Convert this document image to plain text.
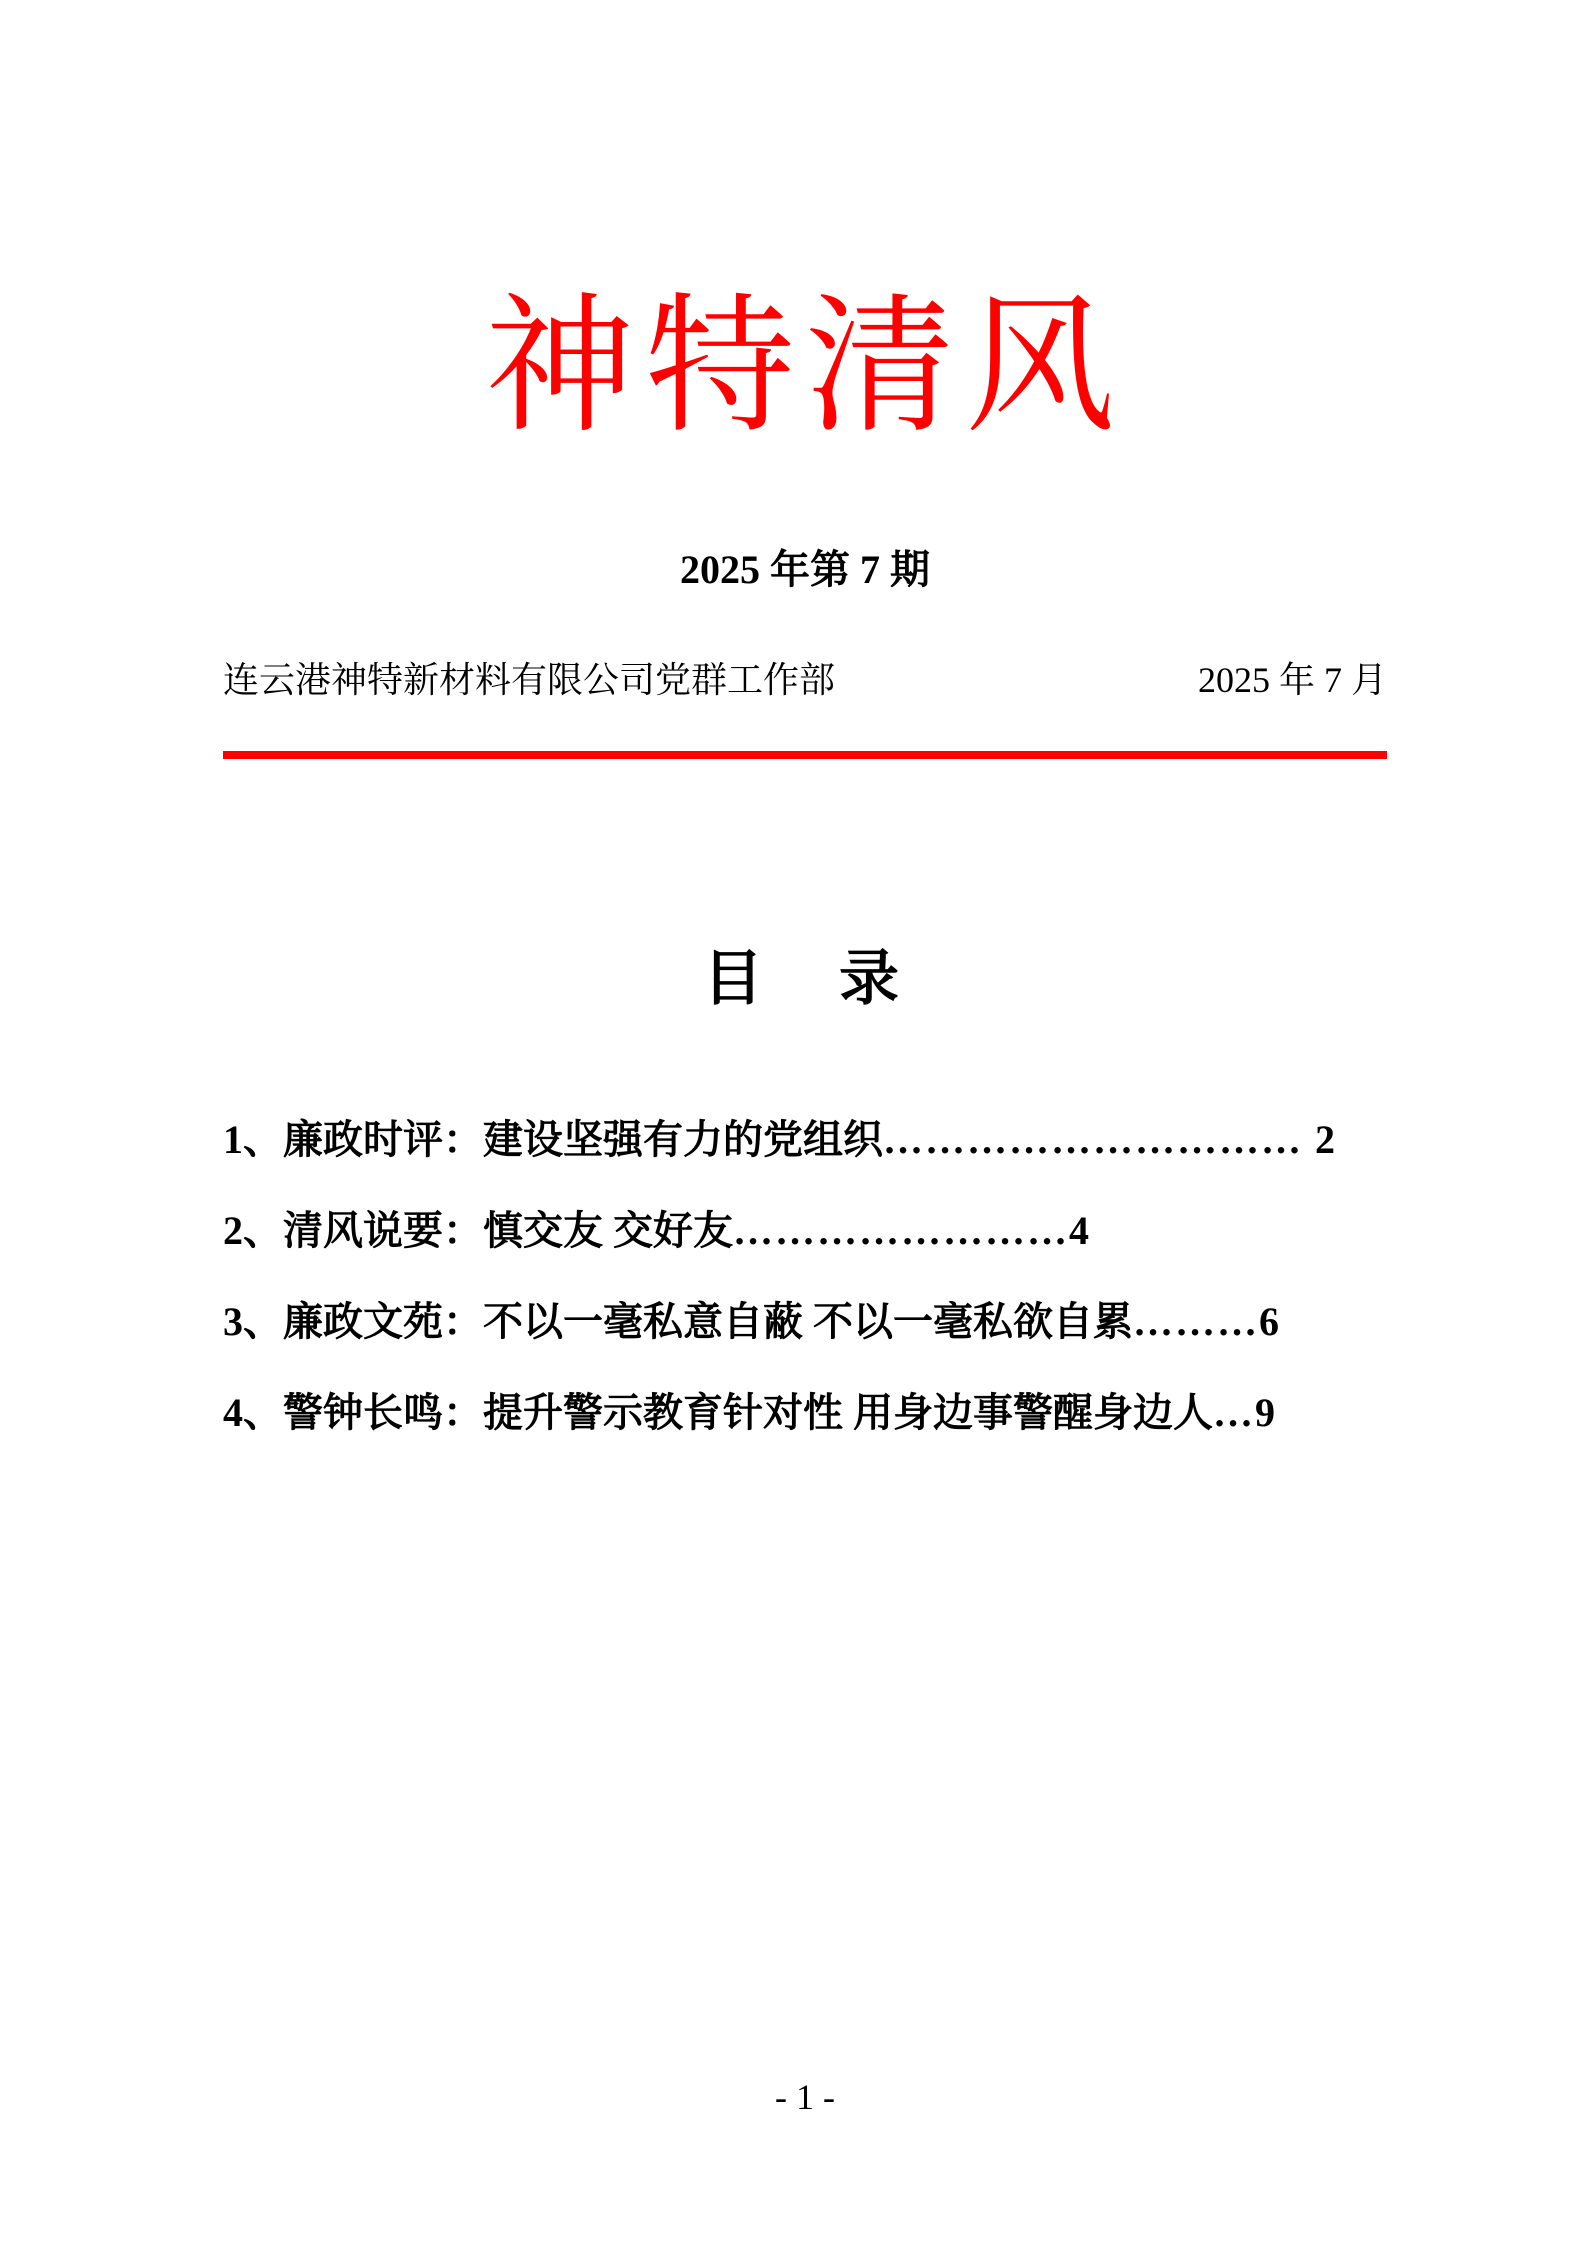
神特清风
2025 年第 7 期
连云港神特新材料有限公司党群工作部	2025 年 7 月
目　录
1、廉政时评：建设坚强有力的党组织………………………… 2
2、清风说要：慎交友 交好友……………………4
3、廉政文苑：不以一毫私意自蔽 不以一毫私欲自累………6
4、警钟长鸣：提升警示教育针对性 用身边事警醒身边人…9
- 1 -
